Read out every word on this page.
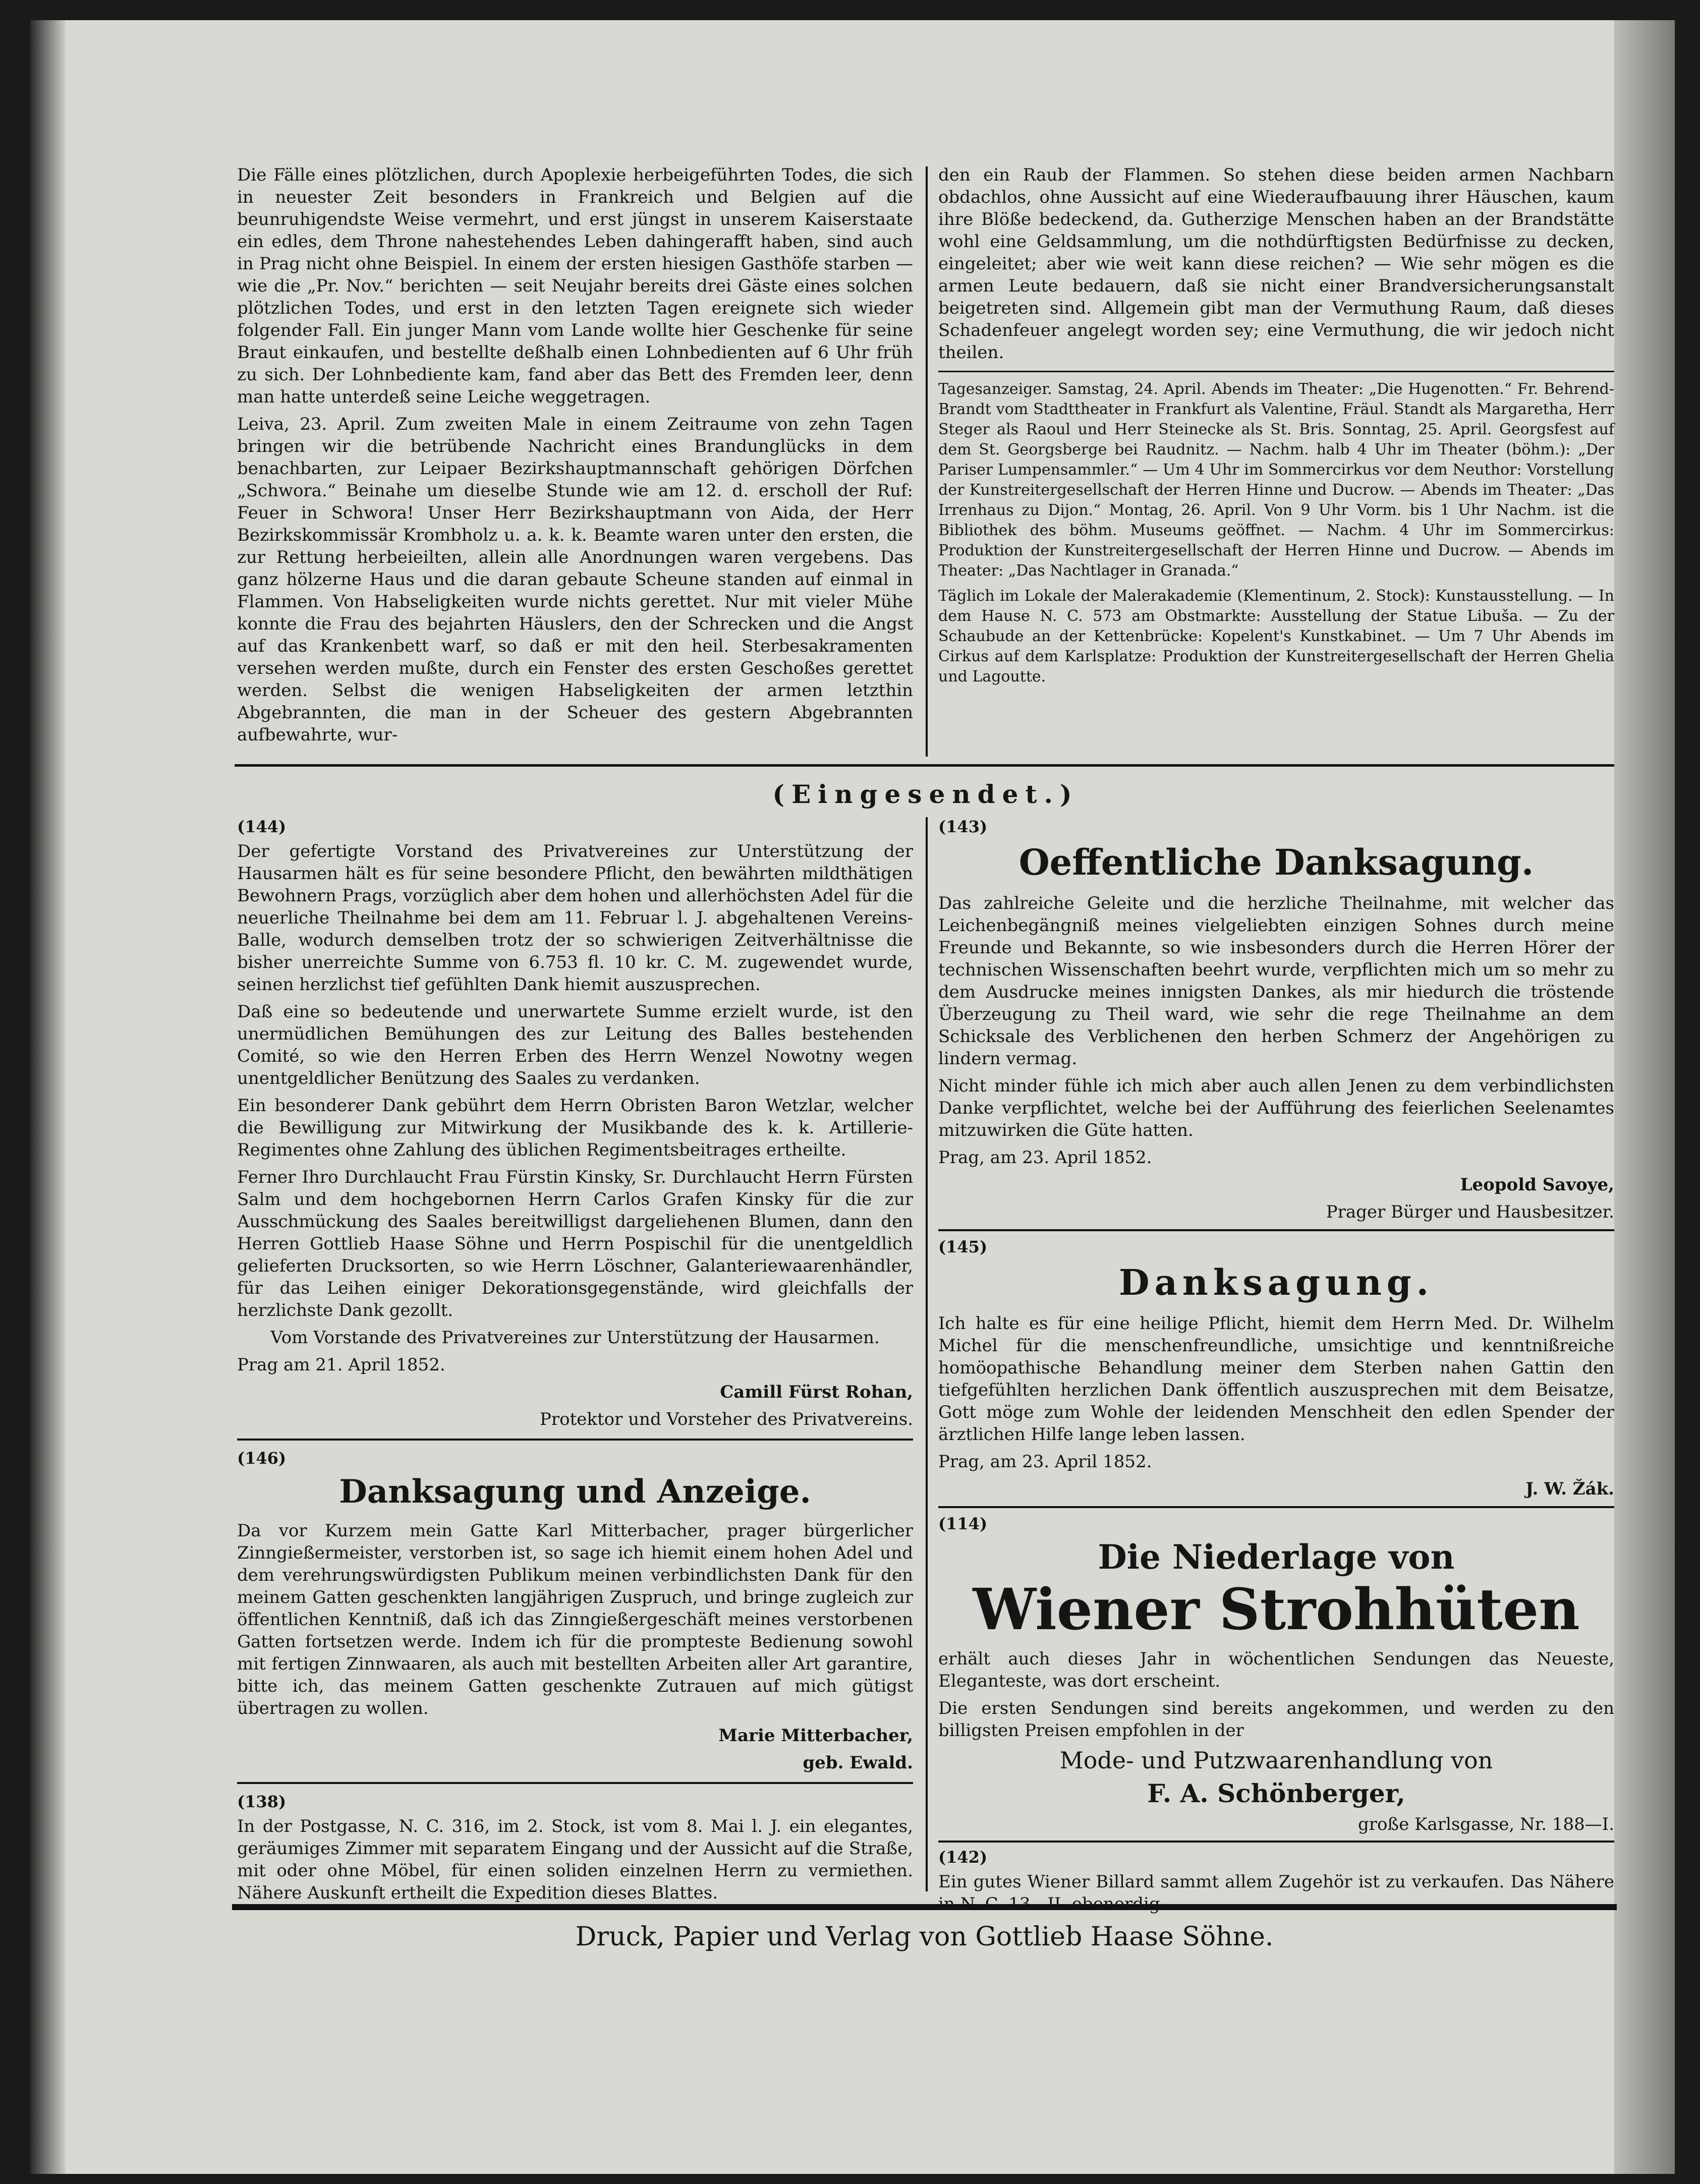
Die Fälle eines plötzlichen, durch Apoplexie herbeigeführten Todes, die sich in neuester Zeit besonders in Frankreich und Belgien auf die beunruhigendste Weise vermehrt, und erst jüngst in unserem Kaiserstaate ein edles, dem Throne nahestehendes Leben dahingerafft haben, sind auch in Prag nicht ohne Beispiel. In einem der ersten hiesigen Gasthöfe starben — wie die „Pr. Nov.“ berichten — seit Neujahr bereits drei Gäste eines solchen plötzlichen Todes, und erst in den letzten Tagen ereignete sich wieder folgender Fall. Ein junger Mann vom Lande wollte hier Geschenke für seine Braut einkaufen, und bestellte deßhalb einen Lohnbedienten auf 6 Uhr früh zu sich. Der Lohnbediente kam, fand aber das Bett des Fremden leer, denn man hatte unterdeß seine Leiche weggetragen.

Leiva, 23. April. Zum zweiten Male in einem Zeitraume von zehn Tagen bringen wir die betrübende Nachricht eines Brandunglücks in dem benachbarten, zur Leipaer Bezirkshauptmannschaft gehörigen Dörfchen „Schwora.“ Beinahe um dieselbe Stunde wie am 12. d. erscholl der Ruf: Feuer in Schwora! Unser Herr Bezirkshauptmann von Aida, der Herr Bezirkskommissär Krombholz u. a. k. k. Beamte waren unter den ersten, die zur Rettung herbeieilten, allein alle Anordnungen waren vergebens. Das ganz hölzerne Haus und die daran gebaute Scheune standen auf einmal in Flammen. Von Habseligkeiten wurde nichts gerettet. Nur mit vieler Mühe konnte die Frau des bejahrten Häuslers, den der Schrecken und die Angst auf das Krankenbett warf, so daß er mit den heil. Sterbesakramenten versehen werden mußte, durch ein Fenster des ersten Geschoßes gerettet werden. Selbst die wenigen Habseligkeiten der armen letzthin Abgebrannten, die man in der Scheuer des gestern Abgebrannten aufbewahrte, wur-

den ein Raub der Flammen. So stehen diese beiden armen Nachbarn obdachlos, ohne Aussicht auf eine Wiederaufbauung ihrer Häuschen, kaum ihre Blöße bedeckend, da. Gutherzige Menschen haben an der Brandstätte wohl eine Geldsammlung, um die nothdürftigsten Bedürfnisse zu decken, eingeleitet; aber wie weit kann diese reichen? — Wie sehr mögen es die armen Leute bedauern, daß sie nicht einer Brandversicherungsanstalt beigetreten sind. Allgemein gibt man der Vermuthung Raum, daß dieses Schadenfeuer angelegt worden sey; eine Vermuthung, die wir jedoch nicht theilen.

Tagesanzeiger. Samstag, 24. April. Abends im Theater: „Die Hugenotten.“ Fr. Behrend-Brandt vom Stadttheater in Frankfurt als Valentine, Fräul. Standt als Margaretha, Herr Steger als Raoul und Herr Steinecke als St. Bris. Sonntag, 25. April. Georgsfest auf dem St. Georgsberge bei Raudnitz. — Nachm. halb 4 Uhr im Theater (böhm.): „Der Pariser Lumpensammler.“ — Um 4 Uhr im Sommercirkus vor dem Neuthor: Vorstellung der Kunstreitergesellschaft der Herren Hinne und Ducrow. — Abends im Theater: „Das Irrenhaus zu Dijon.“ Montag, 26. April. Von 9 Uhr Vorm. bis 1 Uhr Nachm. ist die Bibliothek des böhm. Museums geöffnet. — Nachm. 4 Uhr im Sommercirkus: Produktion der Kunstreitergesellschaft der Herren Hinne und Ducrow. — Abends im Theater: „Das Nachtlager in Granada.“

Täglich im Lokale der Malerakademie (Klementinum, 2. Stock): Kunstausstellung. — In dem Hause N. C. 573 am Obstmarkte: Ausstellung der Statue Libuša. — Zu der Schaubude an der Kettenbrücke: Kopelent's Kunstkabinet. — Um 7 Uhr Abends im Cirkus auf dem Karlsplatze: Produktion der Kunstreitergesellschaft der Herren Ghelia und Lagoutte.

(Eingesendet.)
(144)

Der gefertigte Vorstand des Privatvereines zur Unterstützung der Hausarmen hält es für seine besondere Pflicht, den bewährten mildthätigen Bewohnern Prags, vorzüglich aber dem hohen und allerhöchsten Adel für die neuerliche Theilnahme bei dem am 11. Februar l. J. abgehaltenen Vereins-Balle, wodurch demselben trotz der so schwierigen Zeitverhältnisse die bisher unerreichte Summe von 6.753 fl. 10 kr. C. M. zugewendet wurde, seinen herzlichst tief gefühlten Dank hiemit auszusprechen.

Daß eine so bedeutende und unerwartete Summe erzielt wurde, ist den unermüdlichen Bemühungen des zur Leitung des Balles bestehenden Comité, so wie den Herren Erben des Herrn Wenzel Nowotny wegen unentgeldlicher Benützung des Saales zu verdanken.

Ein besonderer Dank gebührt dem Herrn Obristen Baron Wetzlar, welcher die Bewilligung zur Mitwirkung der Musikbande des k. k. Artillerie-Regimentes ohne Zahlung des üblichen Regimentsbeitrages ertheilte.

Ferner Ihro Durchlaucht Frau Fürstin Kinsky, Sr. Durchlaucht Herrn Fürsten Salm und dem hochgebornen Herrn Carlos Grafen Kinsky für die zur Ausschmückung des Saales bereitwilligst dargeliehenen Blumen, dann den Herren Gottlieb Haase Söhne und Herrn Pospischil für die unentgeldlich gelieferten Drucksorten, so wie Herrn Löschner, Galanteriewaarenhändler, für das Leihen einiger Dekorationsgegenstände, wird gleichfalls der herzlichste Dank gezollt.

Vom Vorstande des Privatvereines zur Unterstützung der Hausarmen.

Prag am 21. April 1852.

Camill Fürst Rohan,

Protektor und Vorsteher des Privatvereins.

(146)
Danksagung und Anzeige.

Da vor Kurzem mein Gatte Karl Mitterbacher, prager bürgerlicher Zinngießermeister, verstorben ist, so sage ich hiemit einem hohen Adel und dem verehrungswürdigsten Publikum meinen verbindlichsten Dank für den meinem Gatten geschenkten langjährigen Zuspruch, und bringe zugleich zur öffentlichen Kenntniß, daß ich das Zinngießergeschäft meines verstorbenen Gatten fortsetzen werde. Indem ich für die prompteste Bedienung sowohl mit fertigen Zinnwaaren, als auch mit bestellten Arbeiten aller Art garantire, bitte ich, das meinem Gatten geschenkte Zutrauen auf mich gütigst übertragen zu wollen.

Marie Mitterbacher,

geb. Ewald.

(138)

In der Postgasse, N. C. 316, im 2. Stock, ist vom 8. Mai l. J. ein elegantes, geräumiges Zimmer mit separatem Eingang und der Aussicht auf die Straße, mit oder ohne Möbel, für einen soliden einzelnen Herrn zu vermiethen. Nähere Auskunft ertheilt die Expedition dieses Blattes.

(143)
Oeffentliche Danksagung.

Das zahlreiche Geleite und die herzliche Theilnahme, mit welcher das Leichenbegängniß meines vielgeliebten einzigen Sohnes durch meine Freunde und Bekannte, so wie insbesonders durch die Herren Hörer der technischen Wissenschaften beehrt wurde, verpflichten mich um so mehr zu dem Ausdrucke meines innigsten Dankes, als mir hiedurch die tröstende Überzeugung zu Theil ward, wie sehr die rege Theilnahme an dem Schicksale des Verblichenen den herben Schmerz der Angehörigen zu lindern vermag.

Nicht minder fühle ich mich aber auch allen Jenen zu dem verbindlichsten Danke verpflichtet, welche bei der Aufführung des feierlichen Seelenamtes mitzuwirken die Güte hatten.

Prag, am 23. April 1852.

Leopold Savoye,

Prager Bürger und Hausbesitzer.

(145)
Danksagung.

Ich halte es für eine heilige Pflicht, hiemit dem Herrn Med. Dr. Wilhelm Michel für die menschenfreundliche, umsichtige und kenntnißreiche homöopathische Behandlung meiner dem Sterben nahen Gattin den tiefgefühlten herzlichen Dank öffentlich auszusprechen mit dem Beisatze, Gott möge zum Wohle der leidenden Menschheit den edlen Spender der ärztlichen Hilfe lange leben lassen.

Prag, am 23. April 1852.

J. W. Žák.

(114)
Die Niederlage von
Wiener Strohhüten

erhält auch dieses Jahr in wöchentlichen Sendungen das Neueste, Eleganteste, was dort erscheint.

Die ersten Sendungen sind bereits angekommen, und werden zu den billigsten Preisen empfohlen in der

Mode- und Putzwaarenhandlung von

F. A. Schönberger,

große Karlsgasse, Nr. 188—I.

(142)

Ein gutes Wiener Billard sammt allem Zugehör ist zu verkaufen. Das Nähere

Druck, Papier und Verlag von Gottlieb Haase Söhne.
